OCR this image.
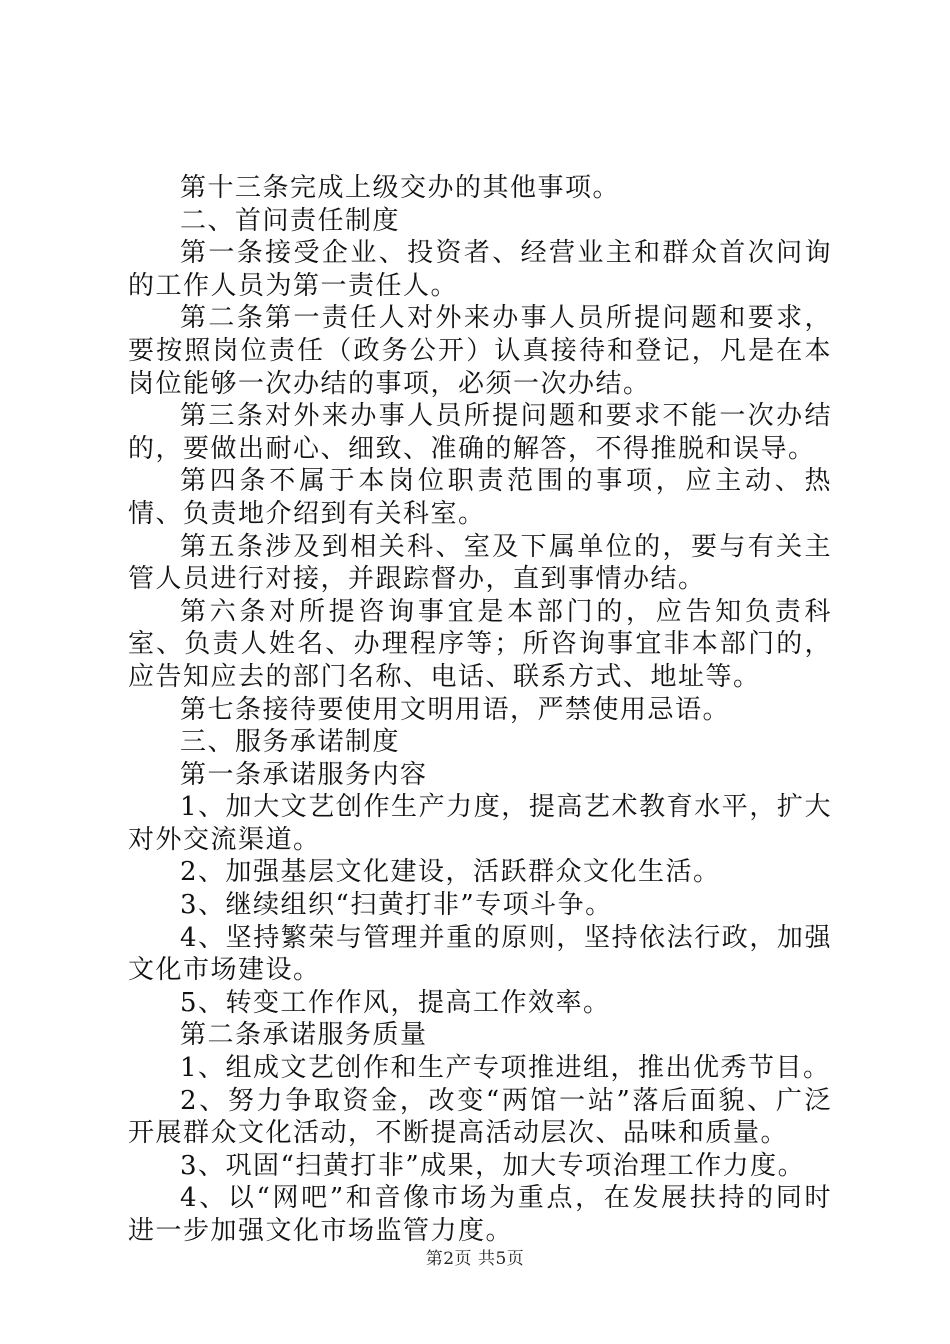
第十三条完成上级交办的其他事项。

二、首问责任制度

第一条接受企业、投资者、经营业主和群众首次问询的工作人员为第一责任人。

第二条第一责任人对外来办事人员所提问题和要求，要按照岗位责任（政务公开）认真接待和登记，凡是在本岗位能够一次办结的事项，必须一次办结。

第三条对外来办事人员所提问题和要求不能一次办结的，要做出耐心、细致、准确的解答，不得推脱和误导。

第四条不属于本岗位职责范围的事项，应主动、热情、负责地介绍到有关科室。

第五条涉及到相关科、室及下属单位的，要与有关主管人员进行对接，并跟踪督办，直到事情办结。

第六条对所提咨询事宜是本部门的，应告知负责科室、负责人姓名、办理程序等；所咨询事宜非本部门的，应告知应去的部门名称、电话、联系方式、地址等。

第七条接待要使用文明用语，严禁使用忌语。

三、服务承诺制度

第一条承诺服务内容

1、加大文艺创作生产力度，提高艺术教育水平，扩大对外交流渠道。

2、加强基层文化建设，活跃群众文化生活。

3、继续组织“扫黄打非”专项斗争。

4、坚持繁荣与管理并重的原则，坚持依法行政，加强文化市场建设。

5、转变工作作风，提高工作效率。

第二条承诺服务质量

1、组成文艺创作和生产专项推进组，推出优秀节目。

2、努力争取资金，改变“两馆一站”落后面貌、广泛开展群众文化活动，不断提高活动层次、品味和质量。

3、巩固“扫黄打非”成果，加大专项治理工作力度。

4、以“网吧”和音像市场为重点，在发展扶持的同时进一步加强文化市场监管力度。

第2页 共5页
